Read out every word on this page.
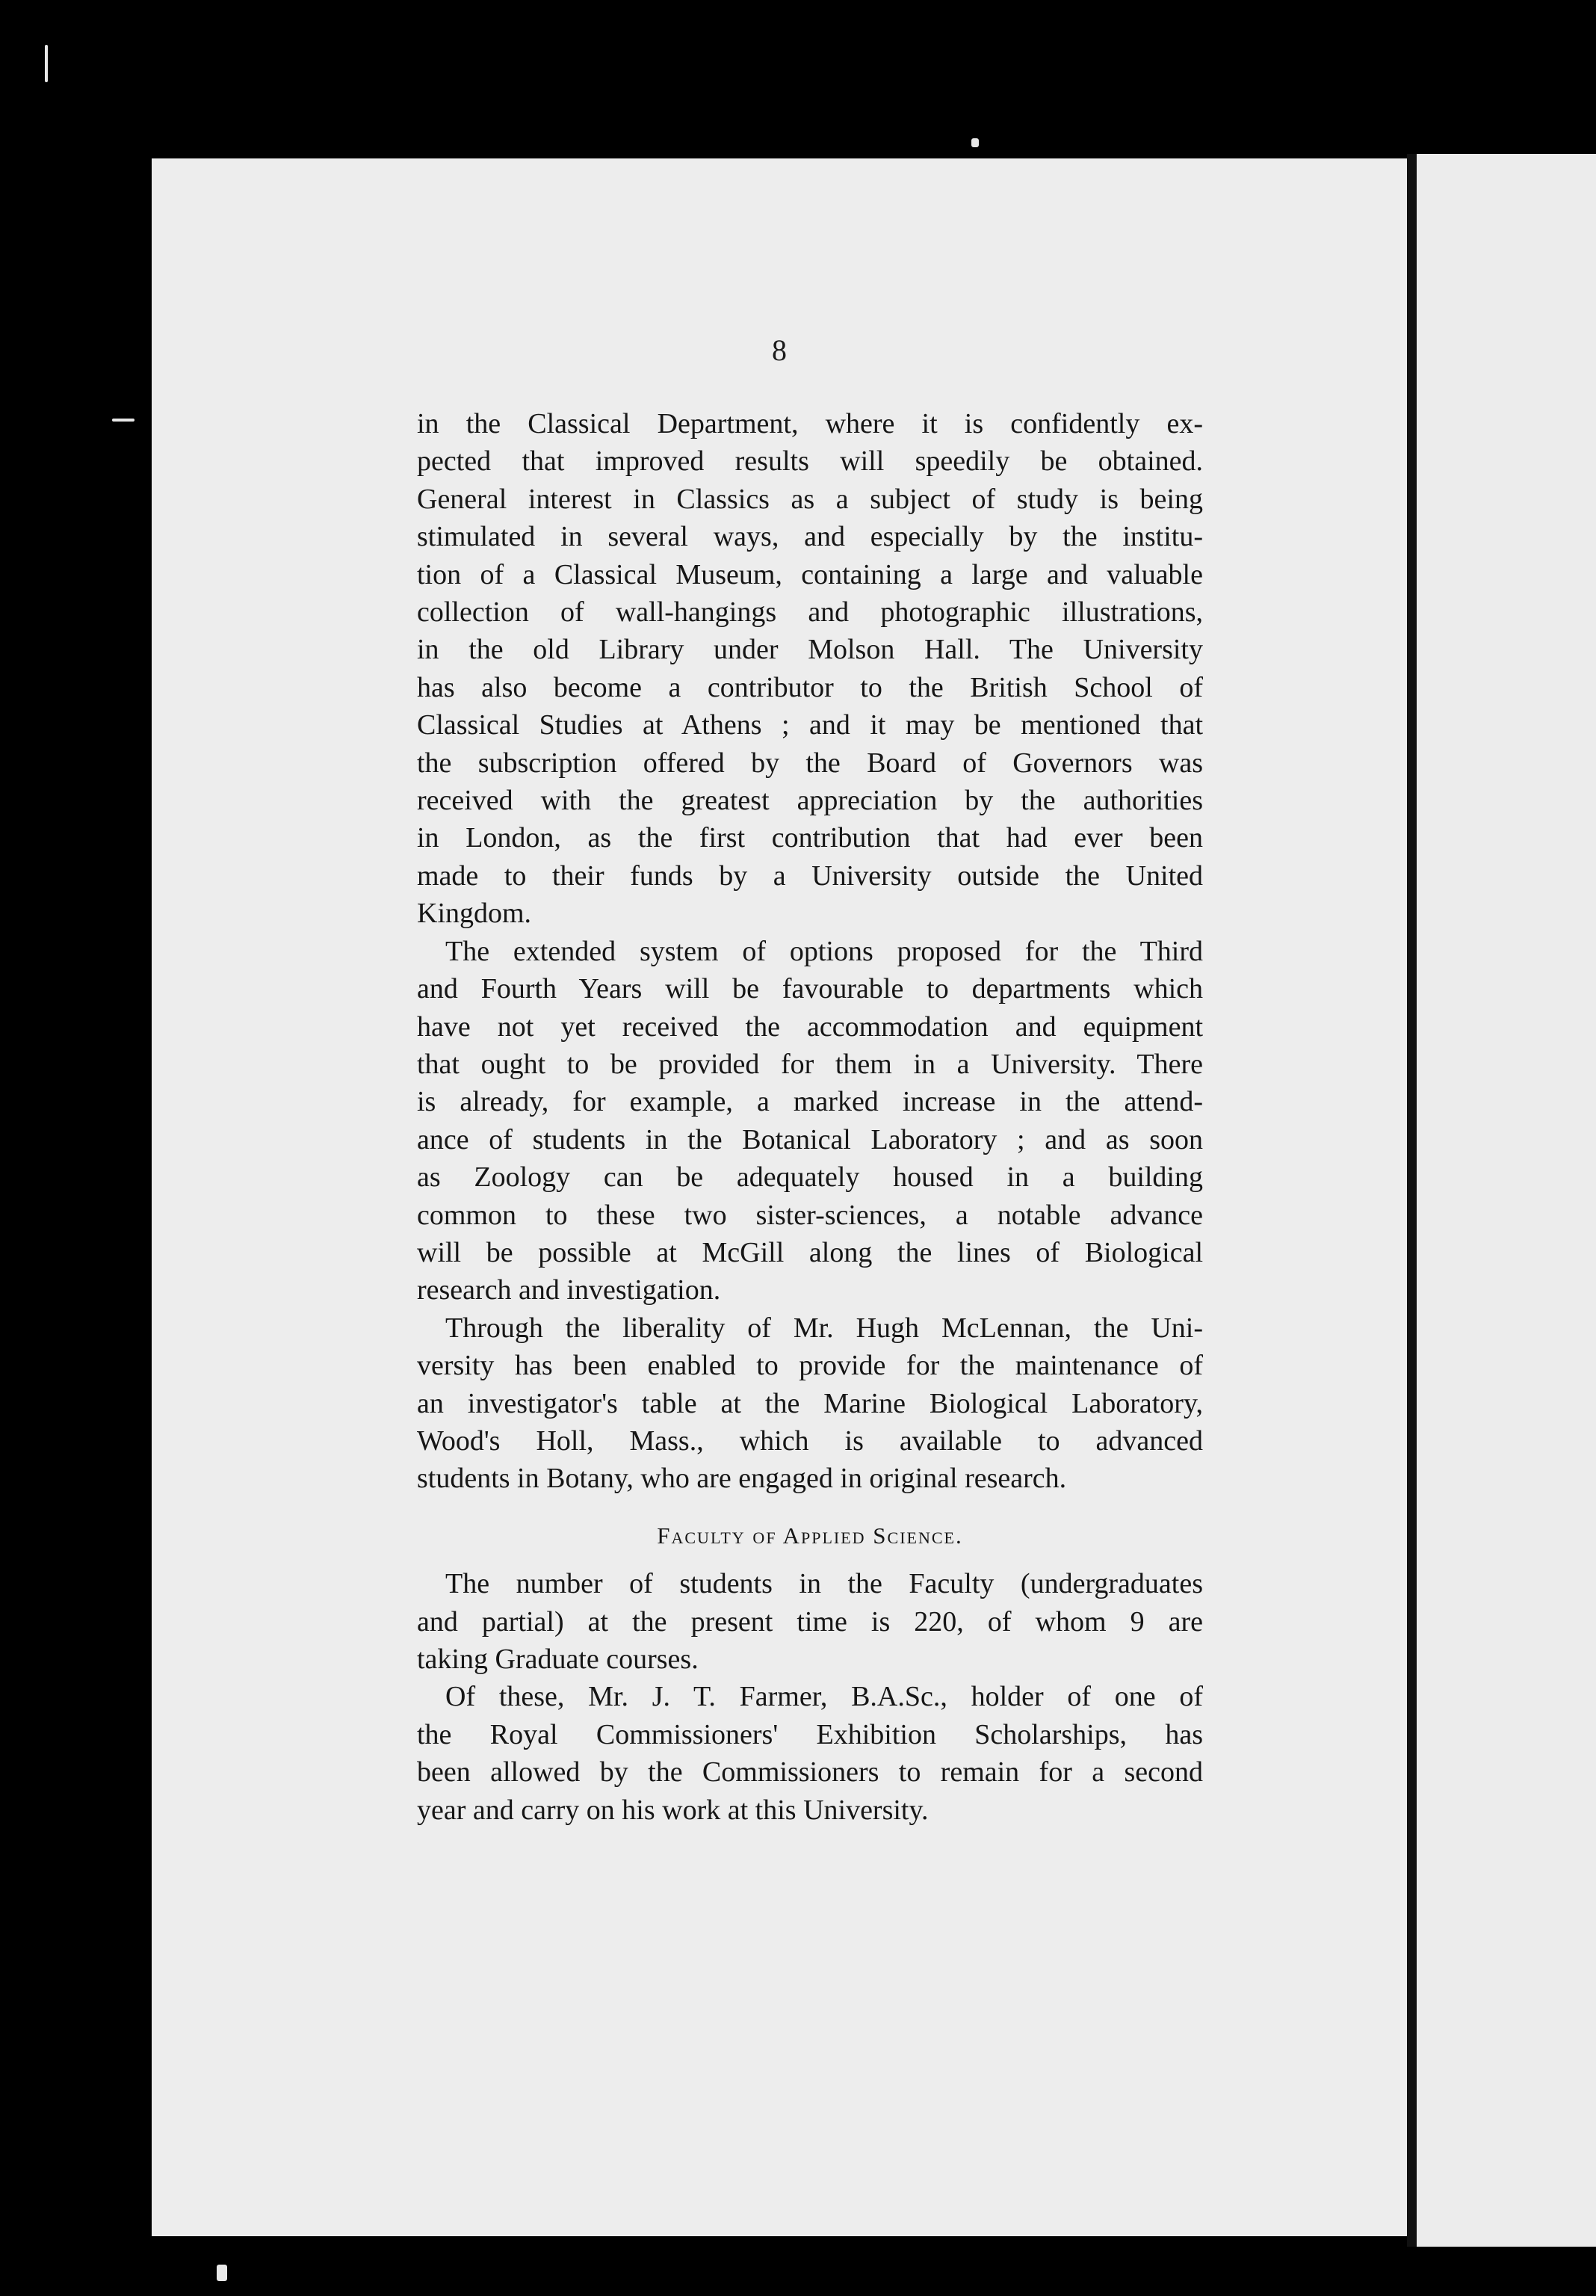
8
in the Classical Department, where it is confidently ex-
pected that improved results will speedily be obtained.
General interest in Classics as a subject of study is being
stimulated in several ways, and especially by the institu-
tion of a Classical Museum, containing a large and valuable
collection of wall-hangings and photographic illustrations,
in the old Library under Molson Hall. The University
has also become a contributor to the British School of
Classical Studies at Athens ; and it may be mentioned that
the subscription offered by the Board of Governors was
received with the greatest appreciation by the authorities
in London, as the first contribution that had ever been
made to their funds by a University outside the United
Kingdom.
The extended system of options proposed for the Third
and Fourth Years will be favourable to departments which
have not yet received the accommodation and equipment
that ought to be provided for them in a University. There
is already, for example, a marked increase in the attend-
ance of students in the Botanical Laboratory ; and as soon
as Zoology can be adequately housed in a building
common to these two sister-sciences, a notable advance
will be possible at McGill along the lines of Biological
research and investigation.
Through the liberality of Mr. Hugh McLennan, the Uni-
versity has been enabled to provide for the maintenance of
an investigator's table at the Marine Biological Laboratory,
Wood's Holl, Mass., which is available to advanced
students in Botany, who are engaged in original research.
Faculty of Applied Science.
The number of students in the Faculty (undergraduates
and partial) at the present time is 220, of whom 9 are
taking Graduate courses.
Of these, Mr. J. T. Farmer, B.A.Sc., holder of one of
the Royal Commissioners' Exhibition Scholarships, has
been allowed by the Commissioners to remain for a second
year and carry on his work at this University.
